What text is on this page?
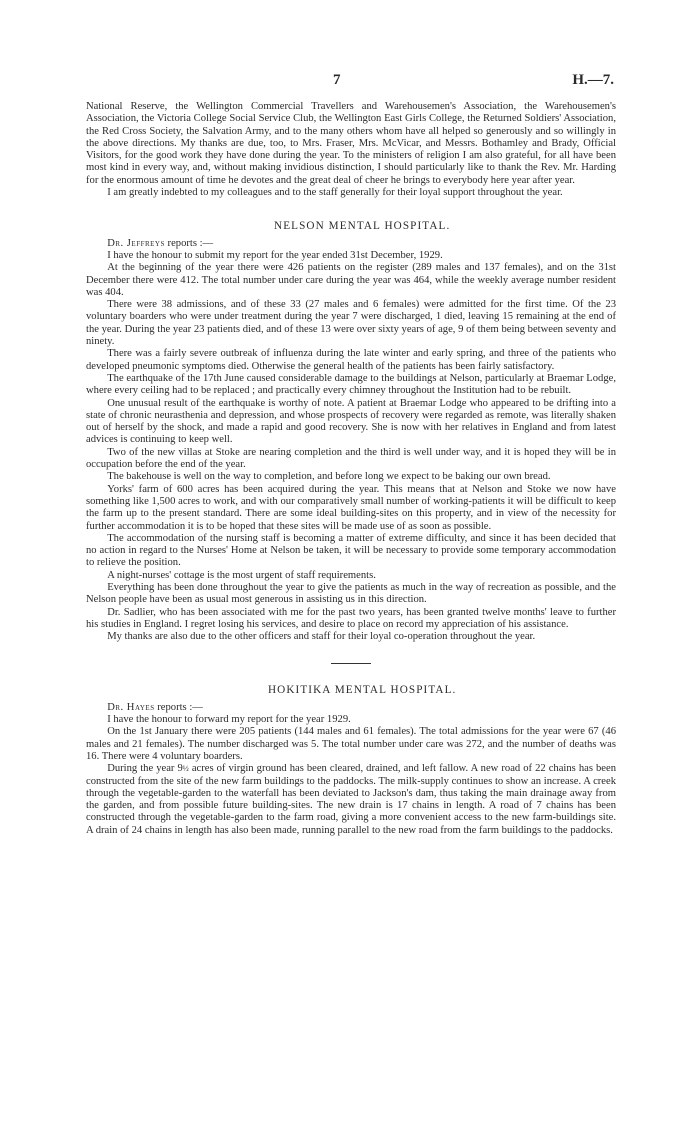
7	H.—7.

National Reserve, the Wellington Commercial Travellers and Warehousemen's Association, the Warehousemen's Association, the Victoria College Social Service Club, the Wellington East Girls College, the Returned Soldiers' Association, the Red Cross Society, the Salvation Army, and to the many others whom have all helped so generously and so willingly in the above directions. My thanks are due, too, to Mrs. Fraser, Mrs. McVicar, and Messrs. Bothamley and Brady, Official Visitors, for the good work they have done during the year. To the ministers of religion I am also grateful, for all have been most kind in every way, and, without making invidious distinction, I should particularly like to thank the Rev. Mr. Harding for the enormous amount of time he devotes and the great deal of cheer he brings to everybody here year after year.

I am greatly indebted to my colleagues and to the staff generally for their loyal support throughout the year.

NELSON MENTAL HOSPITAL.

Dr. Jeffreys reports :—

I have the honour to submit my report for the year ended 31st December, 1929.

At the beginning of the year there were 426 patients on the register (289 males and 137 females), and on the 31st December there were 412. The total number under care during the year was 464, while the weekly average number resident was 404.

There were 38 admissions, and of these 33 (27 males and 6 females) were admitted for the first time. Of the 23 voluntary boarders who were under treatment during the year 7 were discharged, 1 died, leaving 15 remaining at the end of the year. During the year 23 patients died, and of these 13 were over sixty years of age, 9 of them being between seventy and ninety.

There was a fairly severe outbreak of influenza during the late winter and early spring, and three of the patients who developed pneumonic symptoms died. Otherwise the general health of the patients has been fairly satisfactory.

The earthquake of the 17th June caused considerable damage to the buildings at Nelson, particularly at Braemar Lodge, where every ceiling had to be replaced ; and practically every chimney throughout the Institution had to be rebuilt.

One unusual result of the earthquake is worthy of note. A patient at Braemar Lodge who appeared to be drifting into a state of chronic neurasthenia and depression, and whose prospects of recovery were regarded as remote, was literally shaken out of herself by the shock, and made a rapid and good recovery. She is now with her relatives in England and from latest advices is continuing to keep well.

Two of the new villas at Stoke are nearing completion and the third is well under way, and it is hoped they will be in occupation before the end of the year.

The bakehouse is well on the way to completion, and before long we expect to be baking our own bread.

Yorks' farm of 600 acres has been acquired during the year. This means that at Nelson and Stoke we now have something like 1,500 acres to work, and with our comparatively small number of working-patients it will be difficult to keep the farm up to the present standard. There are some ideal building-sites on this property, and in view of the necessity for further accommodation it is to be hoped that these sites will be made use of as soon as possible.

The accommodation of the nursing staff is becoming a matter of extreme difficulty, and since it has been decided that no action in regard to the Nurses' Home at Nelson be taken, it will be necessary to provide some temporary accommodation to relieve the position.

A night-nurses' cottage is the most urgent of staff requirements.

Everything has been done throughout the year to give the patients as much in the way of recreation as possible, and the Nelson people have been as usual most generous in assisting us in this direction.

Dr. Sadlier, who has been associated with me for the past two years, has been granted twelve months' leave to further his studies in England. I regret losing his services, and desire to place on record my appreciation of his assistance.

My thanks are also due to the other officers and staff for their loyal co-operation throughout the year.

HOKITIKA MENTAL HOSPITAL.

Dr. Hayes reports :—

I have the honour to forward my report for the year 1929.

On the 1st January there were 205 patients (144 males and 61 females). The total admissions for the year were 67 (46 males and 21 females). The number discharged was 5. The total number under care was 272, and the number of deaths was 16. There were 4 voluntary boarders.

During the year 9½ acres of virgin ground has been cleared, drained, and left fallow. A new road of 22 chains has been constructed from the site of the new farm buildings to the paddocks. The milk-supply continues to show an increase. A creek through the vegetable-garden to the waterfall has been deviated to Jackson's dam, thus taking the main drainage away from the garden, and from possible future building-sites. The new drain is 17 chains in length. A road of 7 chains has been constructed through the vegetable-garden to the farm road, giving a more convenient access to the new farm-buildings site. A drain of 24 chains in length has also been made, running parallel to the new road from the farm buildings to the paddocks.
